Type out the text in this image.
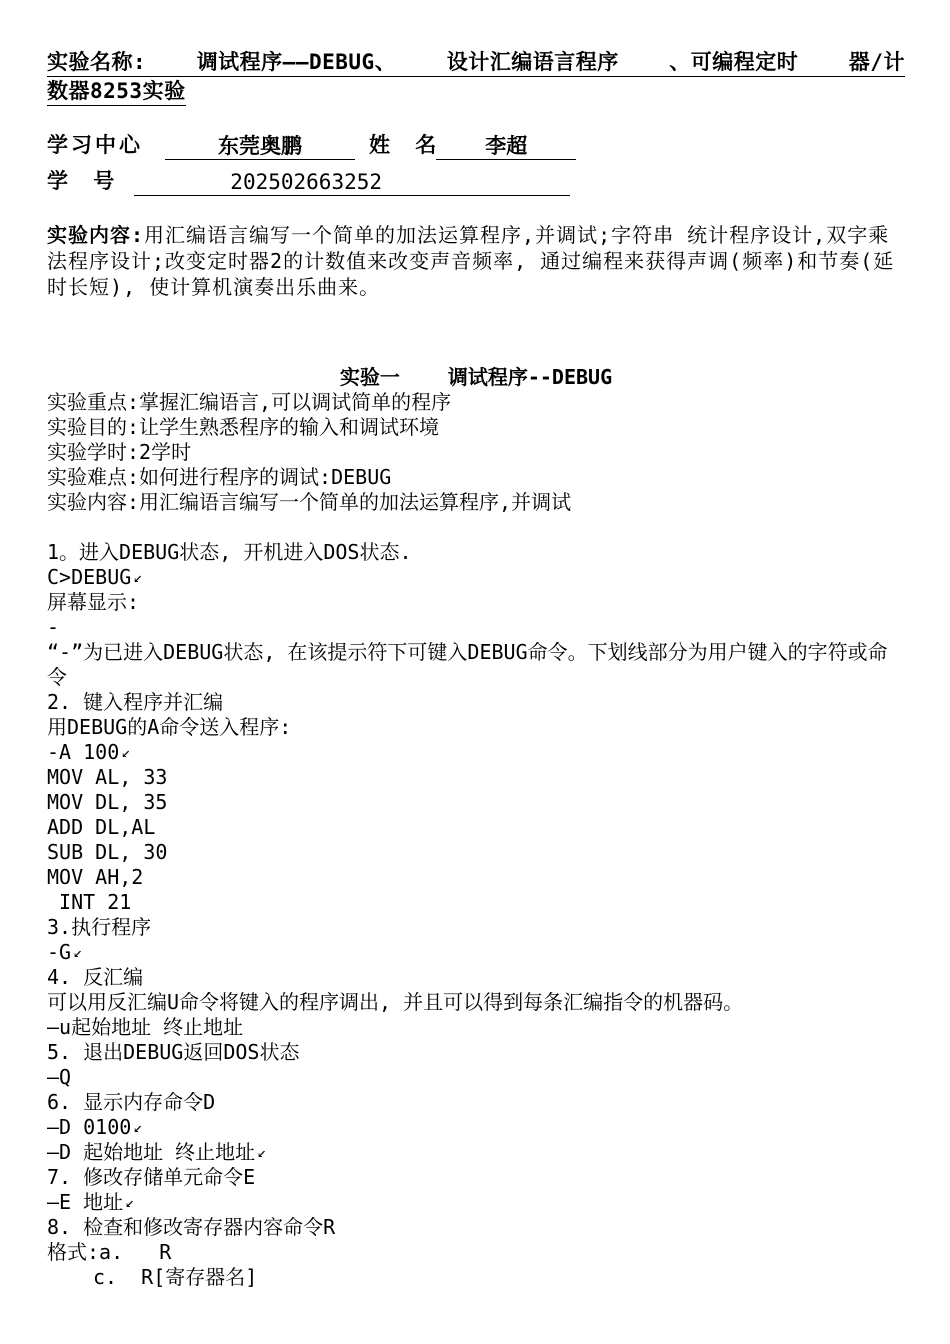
实验名称: 调试程序——DEBUG、 设计汇编语言程序 、可编程定时 器/计
数器8253实验
学习中心	东莞奥鹏	姓  名	李超
学  号	202502663252
实验内容:用汇编语言编写一个简单的加法运算程序,并调试;字符串 统计程序设计,双字乘法程序设计;改变定时器2的计数值来改变声音频率, 通过编程来获得声调(频率)和节奏(延时长短), 使计算机演奏出乐曲来。
实验一 调试程序--DEBUG
实验重点:掌握汇编语言,可以调试简单的程序
实验目的:让学生熟悉程序的输入和调试环境
实验学时:2学时
实验难点:如何进行程序的调试:DEBUG
实验内容:用汇编语言编写一个简单的加法运算程序,并调试
1。进入DEBUG状态, 开机进入DOS状态.
C>DEBUG ↙
屏幕显示:
-
“-”为已进入DEBUG状态, 在该提示符下可键入DEBUG命令。下划线部分为用户键入的字符或命令
2. 键入程序并汇编
用DEBUG的A命令送入程序:
-A 100 ↙
MOV AL, 33
MOV DL, 35
ADD DL,AL
SUB DL, 30
MOV AH,2
INT 21
3.执行程序
-G ↙
4. 反汇编
可以用反汇编U命令将键入的程序调出, 并且可以得到每条汇编指令的机器码。
—u起始地址 终止地址
5. 退出DEBUG返回DOS状态
—Q
6. 显示内存命令D
—D 0100 ↙
—D 起始地址 终止地址 ↙
7. 修改存储单元命令E
—E 地址 ↙
8. 检查和修改寄存器内容命令R
格式:a.   R
c.  R[寄存器名]
